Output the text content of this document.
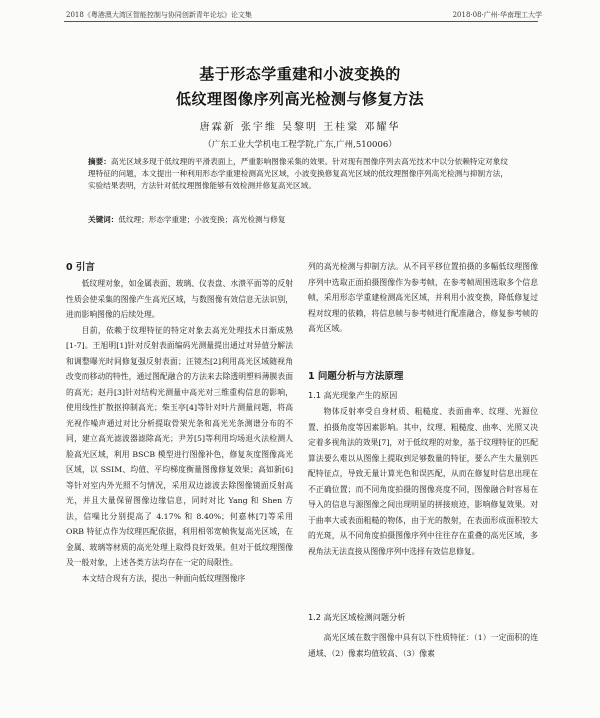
2018《粤港澳大湾区智能控制与协同创新青年论坛》论文集	2018·08·广州·华南理工大学
基于形态学重建和小波变换的
低纹理图像序列高光检测与修复方法
唐霖新 张宇维 吴黎明 王桂棠 邓耀华
（广东工业大学机电工程学院,广东,广州,510006）
摘要：高光区域多现于低纹理的平滑表面上，严重影响图像采集的效果。针对现有图像序列去高光技术中以分依赖特定对象纹理特征的问题，本文提出一种利用形态学重建检测高光区域，小波变换修复高光区域的低纹理图像序列高光检测与抑制方法，实验结果表明，方法针对低纹理图像能够有效检测并修复高光区域。
关键词：低纹理；形态学重建；小波变换；高光检测与修复
0 引言

低纹理对象，如金属表面、玻璃、仪表盘、水溃平面等的反射性质会使采集的图像产生高光区域，与数图像有效信息无法识别，进而影响图像的后续处理。

目前，依赖于纹理特征的特定对象去高光处理技术日渐成熟[1-7]。王旭明[1]针对反射表面编码光测量提出通过对异值分解法和调整曝光时间修复强反射表面；汪镜杰[2]利用高光区域随视角改变而移动的特性，通过图配融合的方法来去除透明塑料薄膜表面的高光；赵丹[3]针对结构光测量中高光对三维重构信息的影响，使用线性扩散抠抑制高光；柴玉亭[4]等针对叶片测量问题，将高光视作噪声通过对比分析提取骨架光条和高光光条测谱分布的不同，建立高光滤波器滤除高光；尹芳[5]等利用均场退火法检测人脸高光区域，利用 BSCB 模型进行图像补色，修复灰度图像高光区域，以 SSIM、均值、平均梯度衡量图像修复效果；高如新[6]等针对室内外光照不匀情况，采用双边滤波去除图像镜面反射高光，并且大量保留图像边缘信息，同时对比 Yang 和 Shen 方法，信噪比分别提高了 4.17% 和 8.40%；何嘉林[7]等采用 ORB 特征点作为纹理匹配依据，利用相邻宽帧恢复高光区域，在金属、玻璃等材质的高光处理上取得良好效果。但对于低纹理图像及一般对象，上述各类方法均存在一定的局限性。

本文结合现有方法，提出一种面向低纹理图像序

列的高光检测与抑制方法。从不同平移位置拍摄的多幅低纹理图像序列中选取正面拍摄图像作为参考帧，在参考帧周围选取多个信息帧，采用形态学重建检测高光区域，并利用小波变换，降低修复过程对纹理的依赖，将信息帧与参考帧进行配准融合，修复参考帧的高光区域。

1 问题分析与方法原理
1.1 高光现象产生的原因

物体反射率受自身材质、粗糙度、表面曲率、纹理、光源位置、拍摄角度等因素影响。其中，纹理、粗糙度、曲率、光照又决定着多视角法的效果[7]，对于低纹理的对象，基于纹理特征的匹配算法要么难以从图像上提取到足够数量的特征，要么产生大量别匹配特征点，导致无量计算光色和误匹配，从而在修复时信息出现在不正确位置；而不同角度拍摄的图像亮度不同，图像融合时容易在导入的信息与源图像之间出现明显的拼接痕迹，影响修复效果。对于曲率大或表面粗糙的物体，由于光的散射，在表面形成面积较大的光斑，从不同角度拍摄图像序列中往往存在重叠的高光区域，多视角法无法直接从图像序列中选择有效信息修复。

1.2 高光区域检测问题分析

高光区域在数字图像中具有以下性质特征：（1）一定面积的连通域、（2）像素均值较高、（3）像素
